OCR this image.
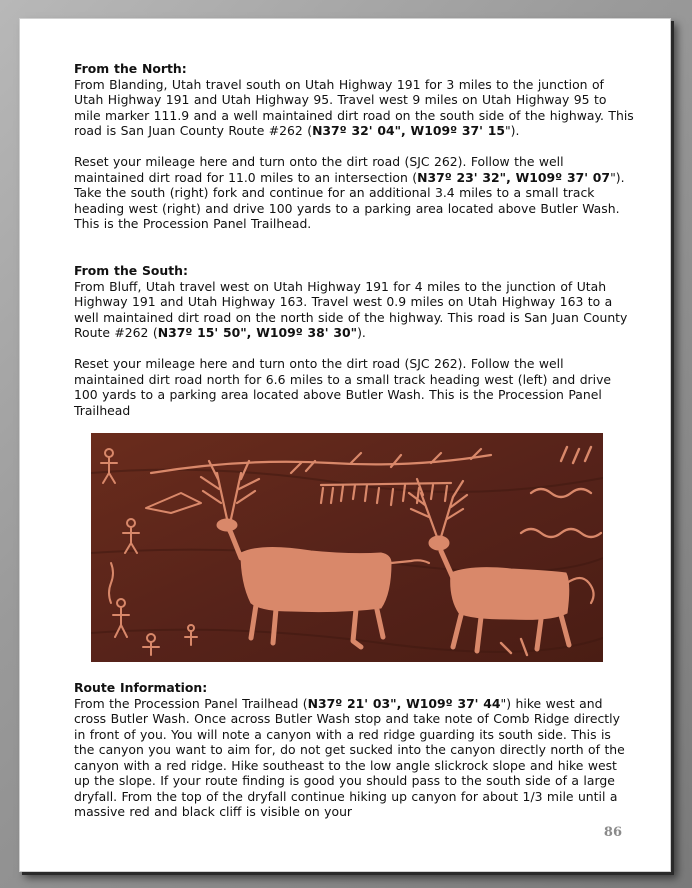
From the North:

From Blanding, Utah travel south on Utah Highway 191 for 3 miles to the junction of Utah Highway 191 and Utah Highway 95. Travel west 9 miles on Utah Highway 95 to mile marker 111.9 and a well maintained dirt road on the south side of the highway. This road is San Juan County Route #262 (N37º 32' 04", W109º 37' 15").

Reset your mileage here and turn onto the dirt road (SJC 262). Follow the well maintained dirt road for 11.0 miles to an intersection (N37º 23' 32", W109º 37' 07"). Take the south (right) fork and continue for an additional 3.4 miles to a small track heading west (right) and drive 100 yards to a parking area located above Butler Wash. This is the Procession Panel Trailhead.

From the South:

From Bluff, Utah travel west on Utah Highway 191 for 4 miles to the junction of Utah Highway 191 and Utah Highway 163. Travel west 0.9 miles on Utah Highway 163 to a well maintained dirt road on the north side of the highway. This road is San Juan County Route #262 (N37º 15' 50", W109º 38' 30").

Reset your mileage here and turn onto the dirt road (SJC 262). Follow the well maintained dirt road north for 6.6 miles to a small track heading west (left) and drive 100 yards to a parking area located above Butler Wash. This is the Procession Panel Trailhead

Route Information:

From the Procession Panel Trailhead (N37º 21' 03", W109º 37' 44") hike west and cross Butler Wash. Once across Butler Wash stop and take note of Comb Ridge directly in front of you. You will note a canyon with a red ridge guarding its south side. This is the canyon you want to aim for, do not get sucked into the canyon directly north of the canyon with a red ridge. Hike southeast to the low angle slickrock slope and hike west up the slope. If your route finding is good you should pass to the south side of a large dryfall. From the top of the dryfall continue hiking up canyon for about 1/3 mile until a massive red and black cliff is visible on your

86
